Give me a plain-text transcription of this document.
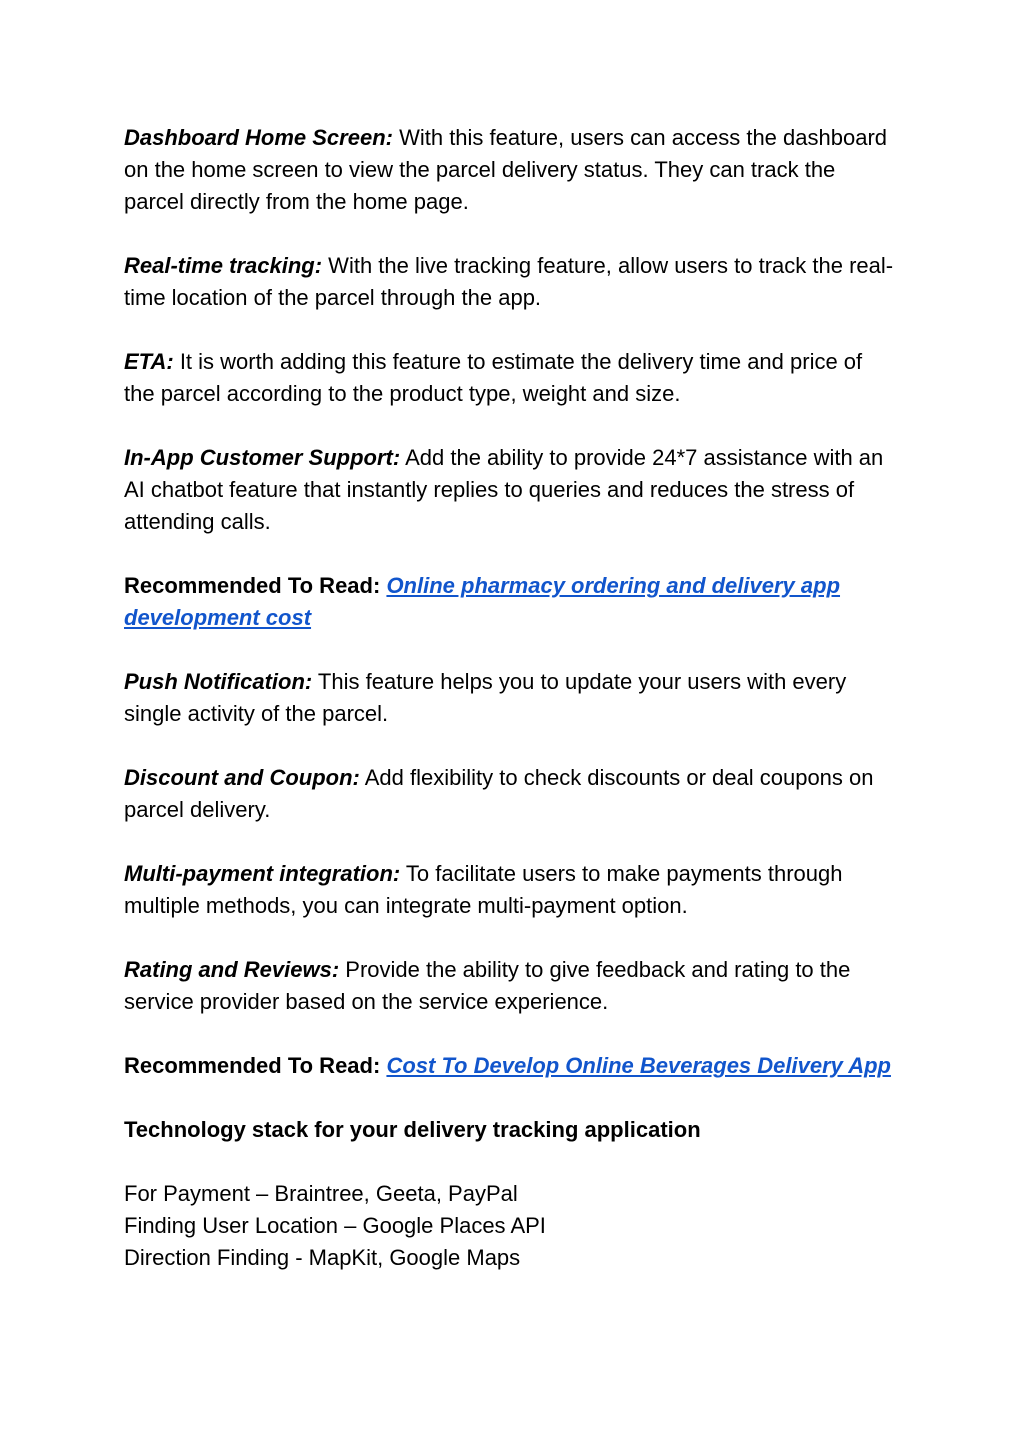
Dashboard Home Screen: With this feature, users can access the dashboard on the home screen to view the parcel delivery status. They can track the parcel directly from the home page.

Real-time tracking: With the live tracking feature, allow users to track the real-time location of the parcel through the app.

ETA: It is worth adding this feature to estimate the delivery time and price of the parcel according to the product type, weight and size.

In-App Customer Support: Add the ability to provide 24*7 assistance with an AI chatbot feature that instantly replies to queries and reduces the stress of attending calls.

Recommended To Read: Online pharmacy ordering and delivery app development cost

Push Notification: This feature helps you to update your users with every single activity of the parcel.

Discount and Coupon: Add flexibility to check discounts or deal coupons on parcel delivery.

Multi-payment integration: To facilitate users to make payments through multiple methods, you can integrate multi-payment option.

Rating and Reviews: Provide the ability to give feedback and rating to the service provider based on the service experience.

Recommended To Read: Cost To Develop Online Beverages Delivery App

Technology stack for your delivery tracking application

For Payment – Braintree, Geeta, PayPal
Finding User Location – Google Places API
Direction Finding - MapKit, Google Maps
